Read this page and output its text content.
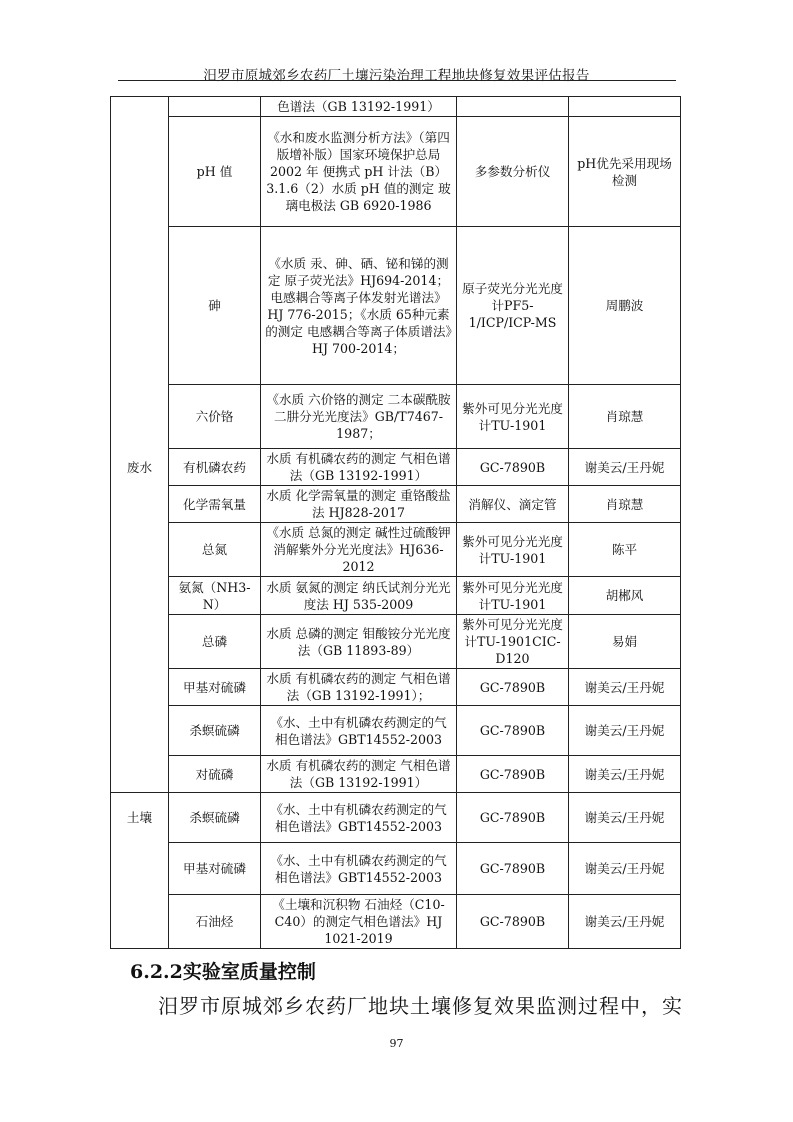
汨罗市原城郊乡农药厂土壤污染治理工程地块修复效果评估报告
		色谱法（GB 13192-1991）		
	pH 值	《水和废水监测分析方法》（第四版增补版）国家环境保护总局 2002 年 便携式 pH 计法（B） 3.1.6（2）水质 pH 值的测定 玻璃电极法 GB 6920-1986	多参数分析仪	pH优先采用现场检测
	砷	《水质 汞、砷、硒、铋和锑的测定 原子荧光法》HJ694-2014；电感耦合等离子体发射光谱法》 HJ 776-2015；《水质 65种元素的测定 电感耦合等离子体质谱法》HJ 700-2014；	原子荧光分光光度计PF5-1/ICP/ICP-MS	周鹏波
	六价铬	《水质 六价铬的测定 二本碳酰胺二肼分光光度法》GB/T7467-1987；	紫外可见分光光度计TU-1901	肖琼慧
废水	有机磷农药	水质 有机磷农药的测定 气相色谱法（GB 13192-1991）	GC-7890B	谢美云/王丹妮
	化学需氧量	水质 化学需氧量的测定 重铬酸盐法 HJ828-2017	消解仪、滴定管	肖琼慧
	总氮	《水质 总氮的测定 碱性过硫酸钾消解紫外分光光度法》HJ636-2012	紫外可见分光光度计TU-1901	陈平
	氨氮（NH3-N）	水质 氨氮的测定 纳氏试剂分光光度法 HJ 535-2009	紫外可见分光光度计TU-1901	胡郴风
	总磷	水质 总磷的测定 钼酸铵分光光度法（GB 11893-89）	紫外可见分光光度计TU-1901CIC-D120	易娟
	甲基对硫磷	水质 有机磷农药的测定 气相色谱法（GB 13192-1991）；	GC-7890B	谢美云/王丹妮
	杀螟硫磷	《水、土中有机磷农药测定的气相色谱法》GBT14552-2003	GC-7890B	谢美云/王丹妮
	对硫磷	水质 有机磷农药的测定 气相色谱法（GB 13192-1991）	GC-7890B	谢美云/王丹妮
土壤	杀螟硫磷	《水、土中有机磷农药测定的气相色谱法》GBT14552-2003	GC-7890B	谢美云/王丹妮
	甲基对硫磷	《水、土中有机磷农药测定的气相色谱法》GBT14552-2003	GC-7890B	谢美云/王丹妮
	石油烃	《土壤和沉积物 石油烃（C10-C40）的测定气相色谱法》HJ 1021-2019	GC-7890B	谢美云/王丹妮
6.2.2实验室质量控制
汨罗市原城郊乡农药厂地块土壤修复效果监测过程中，实
97
